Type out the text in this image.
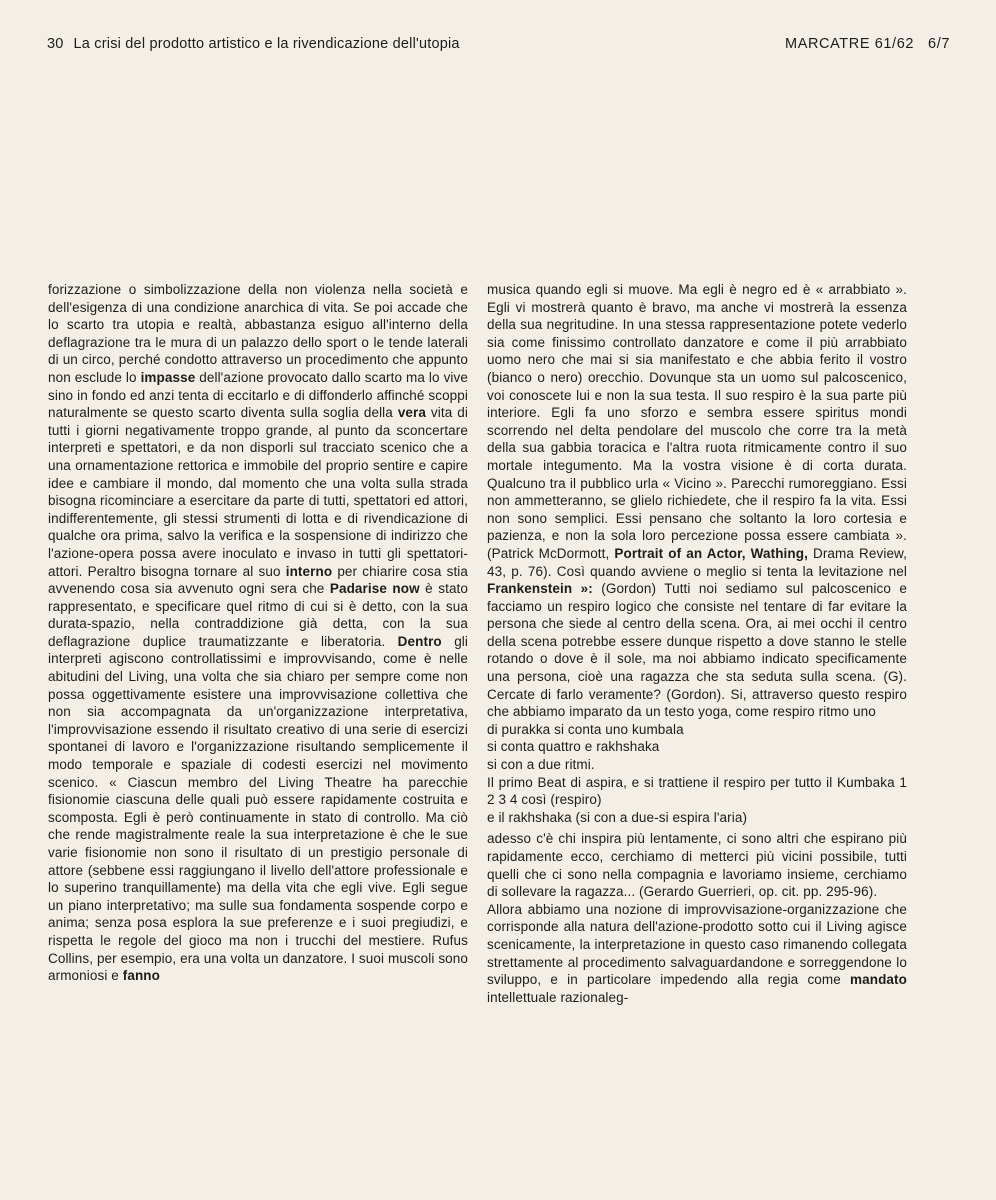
30 La crisi del prodotto artistico e la rivendicazione dell'utopia	MARCATRE 61/62 6/7

forizzazione o simbolizzazione della non violenza nella società e dell'esigenza di una condizione anarchica di vita. Se poi accade che lo scarto tra utopia e realtà, abbastanza esiguo all'interno della deflagrazione tra le mura di un palazzo dello sport o le tende laterali di un circo, perché condotto attraverso un procedimento che appunto non esclude lo impasse dell'azione provocato dallo scarto ma lo vive sino in fondo ed anzi tenta di eccitarlo e di diffonderlo affinché scoppi naturalmente se questo scarto diventa sulla soglia della vera vita di tutti i giorni negativamente troppo grande, al punto da sconcertare interpreti e spettatori, e da non disporli sul tracciato scenico che a una ornamentazione rettorica e immobile del proprio sentire e capire idee e cambiare il mondo, dal momento che una volta sulla strada bisogna ricominciare a esercitare da parte di tutti, spettatori ed attori, indifferentemente, gli stessi strumenti di lotta e di rivendicazione di qualche ora prima, salvo la verifica e la sospensione di indirizzo che l'azione-opera possa avere inoculato e invaso in tutti gli spettatori-attori. Peraltro bisogna tornare al suo interno per chiarire cosa stia avvenendo cosa sia avvenuto ogni sera che Padarise now è stato rappresentato, e specificare quel ritmo di cui si è detto, con la sua durata-spazio, nella contraddizione già detta, con la sua deflagrazione duplice traumatizzante e liberatoria. Dentro gli interpreti agiscono controllatissimi e improvvisando, come è nelle abitudini del Living, una volta che sia chiaro per sempre come non possa oggettivamente esistere una improvvisazione collettiva che non sia accompagnata da un'organizzazione interpretativa, l'improvvisazione essendo il risultato creativo di una serie di esercizi spontanei di lavoro e l'organizzazione risultando semplicemente il modo temporale e spaziale di codesti esercizi nel movimento scenico. « Ciascun membro del Living Theatre ha parecchie fisionomie ciascuna delle quali può essere rapidamente costruita e scomposta. Egli è però continuamente in stato di controllo. Ma ciò che rende magistralmente reale la sua interpretazione è che le sue varie fisionomie non sono il risultato di un prestigio personale di attore (sebbene essi raggiungano il livello dell'attore professionale e lo superino tranquillamente) ma della vita che egli vive. Egli segue un piano interpretativo; ma sulle sua fondamenta sospende corpo e anima; senza posa esplora la sue preferenze e i suoi pregiudizi, e rispetta le regole del gioco ma non i trucchi del mestiere. Rufus Collins, per esempio, era una volta un danzatore. I suoi muscoli sono armoniosi e fanno

musica quando egli si muove. Ma egli è negro ed è « arrabbiato ». Egli vi mostrerà quanto è bravo, ma anche vi mostrerà la essenza della sua negritudine. In una stessa rappresentazione potete vederlo sia come finissimo controllato danzatore e come il più arrabbiato uomo nero che mai si sia manifestato e che abbia ferito il vostro (bianco o nero) orecchio. Dovunque sta un uomo sul palcoscenico, voi conoscete lui e non la sua testa. Il suo respiro è la sua parte più interiore. Egli fa uno sforzo e sembra essere spiritus mondi scorrendo nel delta pendolare del muscolo che corre tra la metà della sua gabbia toracica e l'altra ruota ritmicamente contro il suo mortale integumento. Ma la vostra visione è di corta durata. Qualcuno tra il pubblico urla « Vicino ». Parecchi rumoreggiano. Essi non ammetteranno, se glielo richiedete, che il respiro fa la vita. Essi non sono semplici. Essi pensano che soltanto la loro cortesia e pazienza, e non la sola loro percezione possa essere cambiata ». (Patrick McDormott, Portrait of an Actor, Wathing, Drama Review, 43, p. 76). Così quando avviene o meglio si tenta la levitazione nel Frankenstein »: (Gordon) Tutti noi sediamo sul palcoscenico e facciamo un respiro logico che consiste nel tentare di far evitare la persona che siede al centro della scena. Ora, ai mei occhi il centro della scena potrebbe essere dunque rispetto a dove stanno le stelle rotando o dove è il sole, ma noi abbiamo indicato specificamente una persona, cioè una ragazza che sta seduta sulla scena. (G). Cercate di farlo veramente? (Gordon). Si, attraverso questo respiro che abbiamo imparato da un testo yoga, come respiro ritmo uno

di purakka si conta uno kumbala
si conta quattro e rakhshaka
si con a due ritmi.

Il primo Beat di aspira, e si trattiene il respiro per tutto il Kumbaka 1 2 3 4 così (respiro)

e il rakhshaka (si con a due-si espira l'aria)

adesso c'è chi inspira più lentamente, ci sono altri che espirano più rapidamente ecco, cerchiamo di metterci più vicini possibile, tutti quelli che ci sono nella compagnia e lavoriamo insieme, cerchiamo di sollevare la ragazza... (Gerardo Guerrieri, op. cit. pp. 295-96).

Allora abbiamo una nozione di improvvisazione-organizzazione che corrisponde alla natura dell'azione-prodotto sotto cui il Living agisce scenicamente, la interpretazione in questo caso rimanendo collegata strettamente al procedimento salvaguardandone e sorreggendone lo sviluppo, e in particolare impedendo alla regia come mandato intellettuale razionaleg-
